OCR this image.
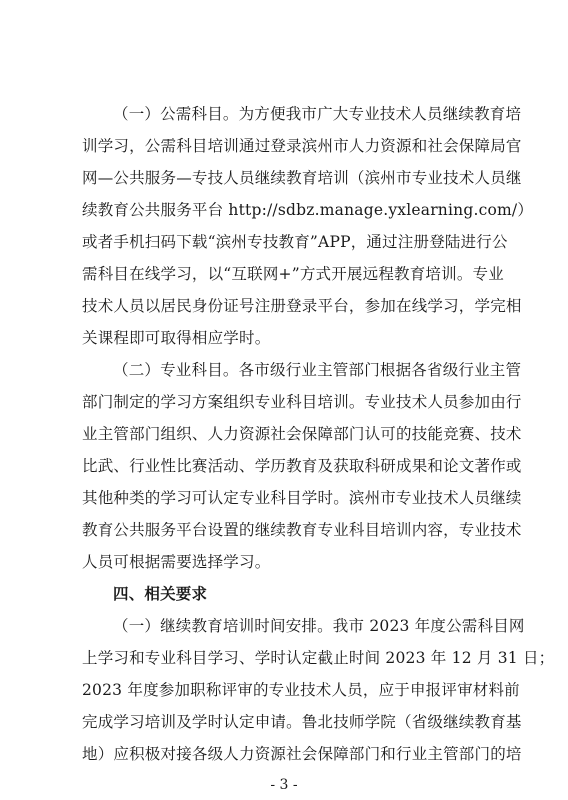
（一）公需科目。为方便我市广大专业技术人员继续教育培
训学习，公需科目培训通过登录滨州市人力资源和社会保障局官
网—公共服务—专技人员继续教育培训（滨州市专业技术人员继
续教育公共服务平台 http://sdbz.manage.yxlearning.com/）
或者手机扫码下载“滨州专技教育”APP，通过注册登陆进行公
需科目在线学习，以“互联网+”方式开展远程教育培训。专业
技术人员以居民身份证号注册登录平台，参加在线学习，学完相
关课程即可取得相应学时。
（二）专业科目。各市级行业主管部门根据各省级行业主管
部门制定的学习方案组织专业科目培训。专业技术人员参加由行
业主管部门组织、人力资源社会保障部门认可的技能竞赛、技术
比武、行业性比赛活动、学历教育及获取科研成果和论文著作或
其他种类的学习可认定专业科目学时。滨州市专业技术人员继续
教育公共服务平台设置的继续教育专业科目培训内容，专业技术
人员可根据需要选择学习。
四、相关要求
（一）继续教育培训时间安排。我市 2023 年度公需科目网
上学习和专业科目学习、学时认定截止时间 2023 年 12 月 31 日；
2023 年度参加职称评审的专业技术人员，应于申报评审材料前
完成学习培训及学时认定申请。鲁北技师学院（省级继续教育基
地）应积极对接各级人力资源社会保障部门和行业主管部门的培
- 3 -
